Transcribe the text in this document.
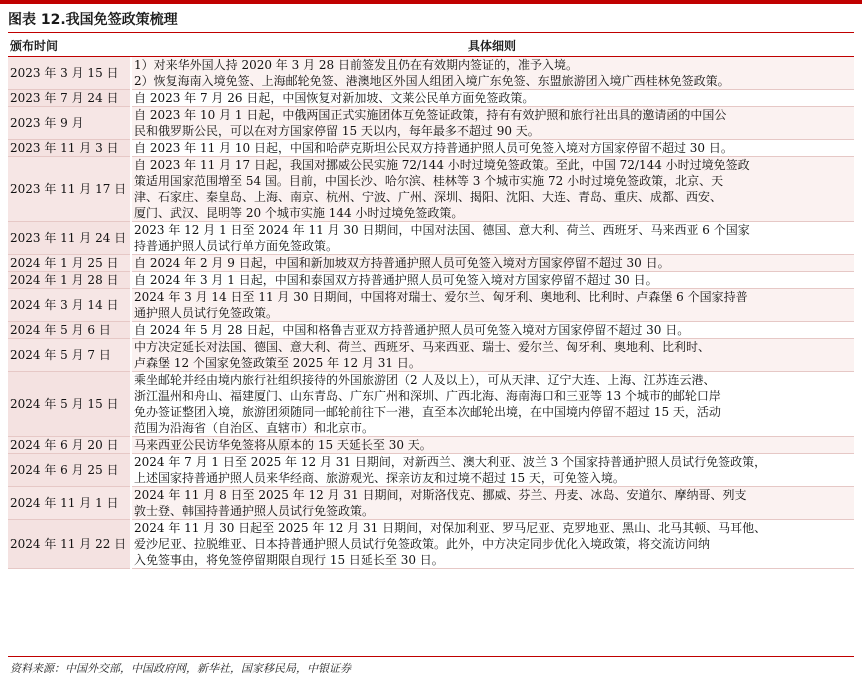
图表 12.我国免签政策梳理
颁布时间	具体细则
2023 年 3 月 15 日	1）对来华外国人持 2020 年 3 月 28 日前签发且仍在有效期内签证的，准予入境。
2）恢复海南入境免签、上海邮轮免签、港澳地区外国人组团入境广东免签、东盟旅游团入境广西桂林免签政策。

2023 年 7 月 24 日	自 2023 年 7 月 26 日起，中国恢复对新加坡、文莱公民单方面免签政策。

2023 年 9 月	自 2023 年 10 月 1 日起，中俄两国正式实施团体互免签证政策，持有有效护照和旅行社出具的邀请函的中国公
民和俄罗斯公民，可以在对方国家停留 15 天以内，每年最多不超过 90 天。

2023 年 11 月 3 日	自 2023 年 11 月 10 日起，中国和哈萨克斯坦公民双方持普通护照人员可免签入境对方国家停留不超过 30 日。

2023 年 11 月 17 日	自 2023 年 11 月 17 日起，我国对挪威公民实施 72/144 小时过境免签政策。至此，中国 72/144 小时过境免签政
策适用国家范围增至 54 国。目前，中国长沙、哈尔滨、桂林等 3 个城市实施 72 小时过境免签政策，北京、天
津、石家庄、秦皇岛、上海、南京、杭州、宁波、广州、深圳、揭阳、沈阳、大连、青岛、重庆、成都、西安、
厦门、武汉、昆明等 20 个城市实施 144 小时过境免签政策。

2023 年 11 月 24 日	2023 年 12 月 1 日至 2024 年 11 月 30 日期间，中国对法国、德国、意大利、荷兰、西班牙、马来西亚 6 个国家
持普通护照人员试行单方面免签政策。

2024 年 1 月 25 日	自 2024 年 2 月 9 日起，中国和新加坡双方持普通护照人员可免签入境对方国家停留不超过 30 日。

2024 年 1 月 28 日	自 2024 年 3 月 1 日起，中国和泰国双方持普通护照人员可免签入境对方国家停留不超过 30 日。

2024 年 3 月 14 日	2024 年 3 月 14 日至 11 月 30 日期间，中国将对瑞士、爱尔兰、匈牙利、奥地利、比利时、卢森堡 6 个国家持普
通护照人员试行免签政策。

2024 年 5 月 6 日	自 2024 年 5 月 28 日起，中国和格鲁吉亚双方持普通护照人员可免签入境对方国家停留不超过 30 日。

2024 年 5 月 7 日	中方决定延长对法国、德国、意大利、荷兰、西班牙、马来西亚、瑞士、爱尔兰、匈牙利、奥地利、比利时、
卢森堡 12 个国家免签政策至 2025 年 12 月 31 日。

2024 年 5 月 15 日	乘坐邮轮并经由境内旅行社组织接待的外国旅游团（2 人及以上），可从天津、辽宁大连、上海、江苏连云港、
浙江温州和舟山、福建厦门、山东青岛、广东广州和深圳、广西北海、海南海口和三亚等 13 个城市的邮轮口岸
免办签证整团入境，旅游团须随同一邮轮前往下一港，直至本次邮轮出境，在中国境内停留不超过 15 天，活动
范围为沿海省（自治区、直辖市）和北京市。

2024 年 6 月 20 日	马来西亚公民访华免签将从原本的 15 天延长至 30 天。

2024 年 6 月 25 日	2024 年 7 月 1 日至 2025 年 12 月 31 日期间，对新西兰、澳大利亚、波兰 3 个国家持普通护照人员试行免签政策，
上述国家持普通护照人员来华经商、旅游观光、探亲访友和过境不超过 15 天，可免签入境。

2024 年 11 月 1 日	2024 年 11 月 8 日至 2025 年 12 月 31 日期间，对斯洛伐克、挪威、芬兰、丹麦、冰岛、安道尔、摩纳哥、列支
敦士登、韩国持普通护照人员试行免签政策。

2024 年 11 月 22 日	2024 年 11 月 30 日起至 2025 年 12 月 31 日期间，对保加利亚、罗马尼亚、克罗地亚、黑山、北马其顿、马耳他、
爱沙尼亚、拉脱维亚、日本持普通护照人员试行免签政策。此外，中方决定同步优化入境政策，将交流访问纳
入免签事由，将免签停留期限自现行 15 日延长至 30 日。
资料来源：中国外交部，中国政府网，新华社，国家移民局，中银证券
